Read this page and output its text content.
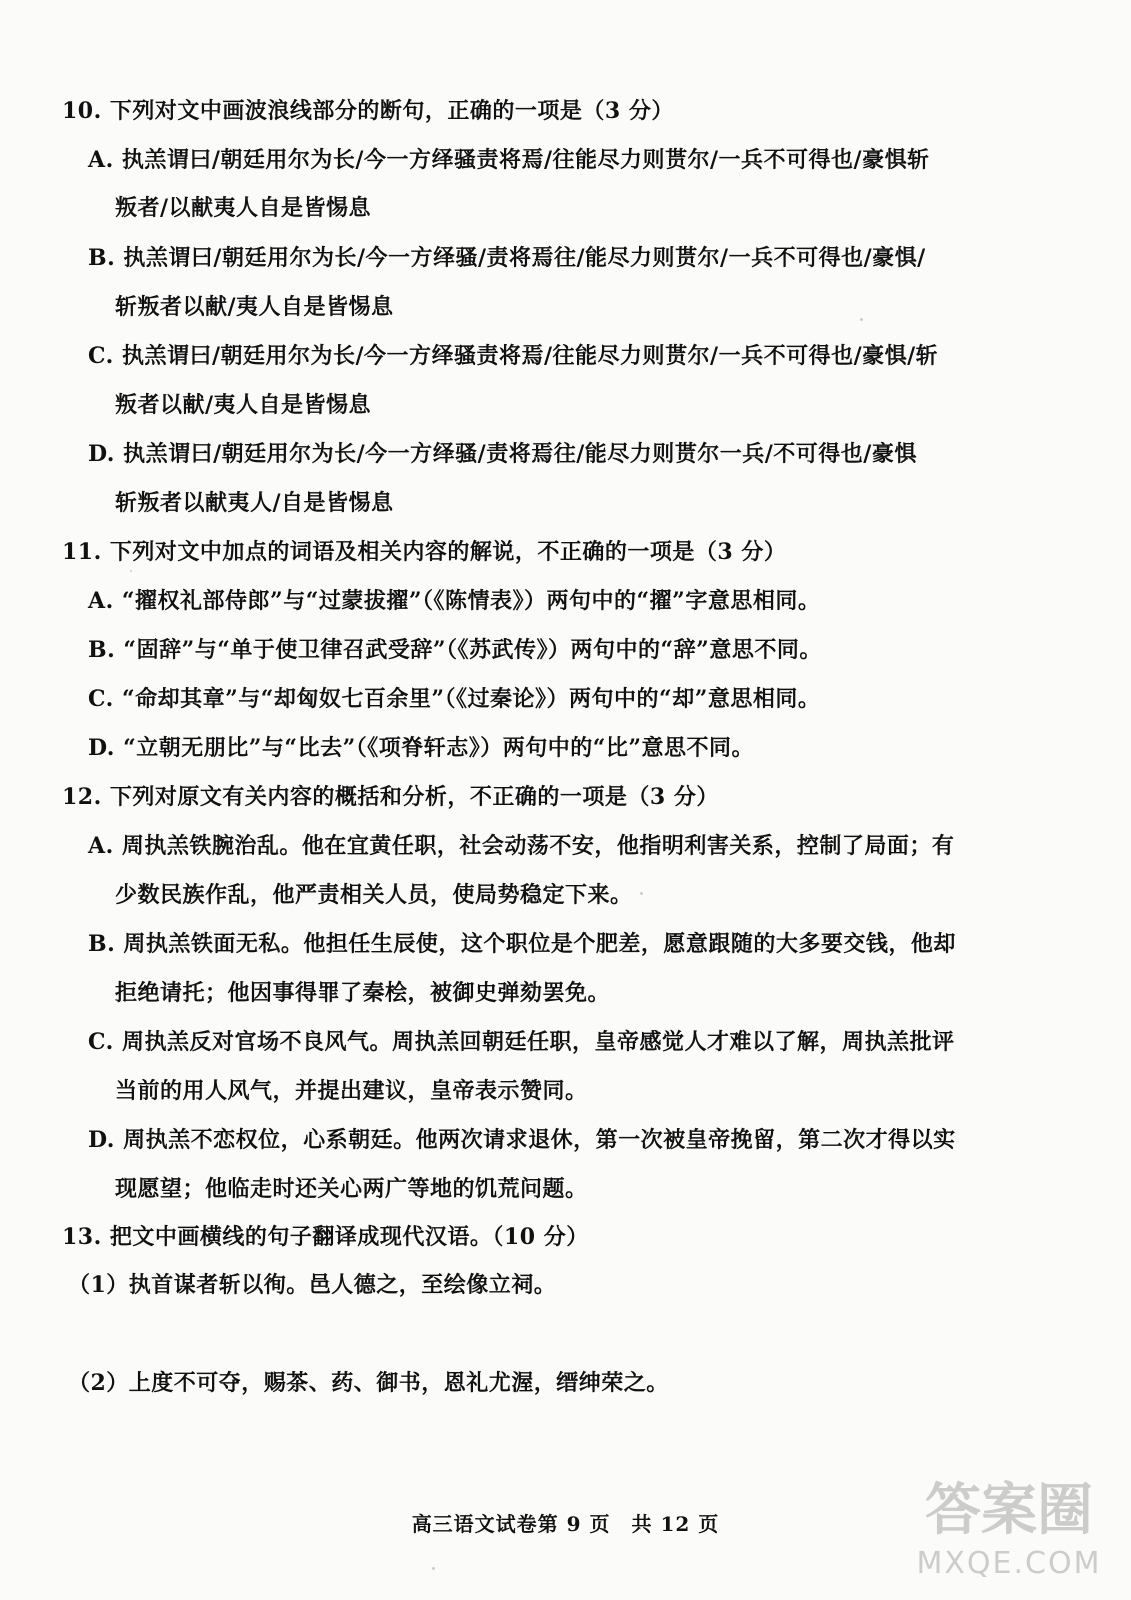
10. 下列对文中画波浪线部分的断句，正确的一项是（3 分）
A. 执羔谓曰/朝廷用尔为长/今一方绎骚责将焉/往能尽力则贳尔/一兵不可得也/豪惧斩
叛者/以献夷人自是皆惕息
B. 执羔谓曰/朝廷用尔为长/今一方绎骚/责将焉往/能尽力则贳尔/一兵不可得也/豪惧/
斩叛者以献/夷人自是皆惕息
C. 执羔谓曰/朝廷用尔为长/今一方绎骚责将焉/往能尽力则贳尔/一兵不可得也/豪惧/斩
叛者以献/夷人自是皆惕息
D. 执羔谓曰/朝廷用尔为长/今一方绎骚/责将焉往/能尽力则贳尔一兵/不可得也/豪惧
斩叛者以献夷人/自是皆惕息
11. 下列对文中加点的词语及相关内容的解说，不正确的一项是（3 分）
A. “擢权礼部侍郎”与“过蒙拔擢”（《陈情表》）两句中的“擢”字意思相同。
B. “固辞”与“单于使卫律召武受辞”（《苏武传》）两句中的“辞”意思不同。
C. “命却其章”与“却匈奴七百余里”（《过秦论》）两句中的“却”意思相同。
D. “立朝无朋比”与“比去”（《项脊轩志》）两句中的“比”意思不同。
12. 下列对原文有关内容的概括和分析，不正确的一项是（3 分）
A. 周执羔铁腕治乱。他在宜黄任职，社会动荡不安，他指明利害关系，控制了局面；有
少数民族作乱，他严责相关人员，使局势稳定下来。
B. 周执羔铁面无私。他担任生辰使，这个职位是个肥差，愿意跟随的大多要交钱，他却
拒绝请托；他因事得罪了秦桧，被御史弹劾罢免。
C. 周执羔反对官场不良风气。周执羔回朝廷任职，皇帝感觉人才难以了解，周执羔批评
当前的用人风气，并提出建议，皇帝表示赞同。
D. 周执羔不恋权位，心系朝廷。他两次请求退休，第一次被皇帝挽留，第二次才得以实
现愿望；他临走时还关心两广等地的饥荒问题。
13. 把文中画横线的句子翻译成现代汉语。（10 分）
（1）执首谋者斩以徇。邑人德之，至绘像立祠。
（2）上度不可夺，赐茶、药、御书，恩礼尤渥，缙绅荣之。
高三语文试卷第 9 页　共 12 页	答案圈
MXQE.COM
